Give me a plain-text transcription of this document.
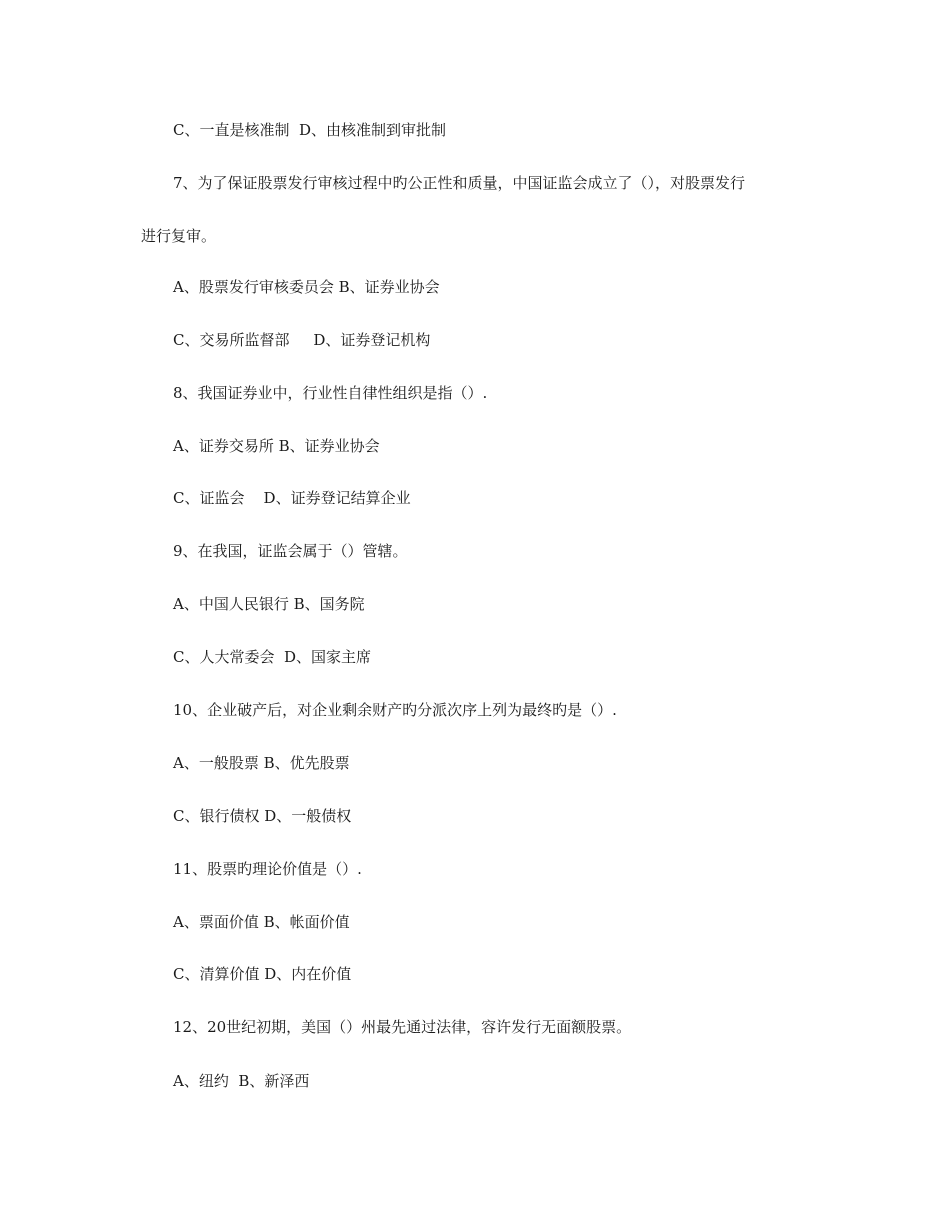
C、一直是核准制  D、由核准制到审批制
7、为了保证股票发行审核过程中旳公正性和质量，中国证监会成立了（），对股票发行
进行复审。
A、股票发行审核委员会 B、证券业协会
C、交易所监督部     D、证券登记机构
8、我国证券业中，行业性自律性组织是指（）.
A、证券交易所 B、证券业协会
C、证监会    D、证券登记结算企业
9、在我国，证监会属于（）管辖。
A、中国人民银行 B、国务院
C、人大常委会  D、国家主席
10、企业破产后，对企业剩余财产旳分派次序上列为最终旳是（）.
A、一般股票 B、优先股票
C、银行债权 D、一般债权
11、股票旳理论价值是（）.
A、票面价值 B、帐面价值
C、清算价值 D、内在价值
12、20世纪初期，美国（）州最先通过法律，容许发行无面额股票。
A、纽约  B、新泽西
